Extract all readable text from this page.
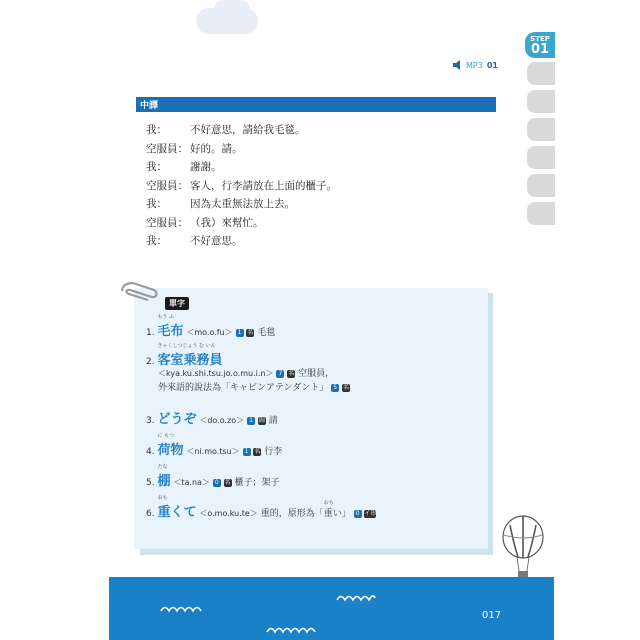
STEP
01
MP3 01
中譯
我：	不好意思，請給我毛毯。
空服員： 好的。請。
我：	謝謝。
空服員： 客人，行李請放在上面的櫃子。
我：	因為太重無法放上去。
空服員： （我）來幫忙。
我：	不好意思。
單字
1.
もう ふ
毛布 ＜mo.o.fu＞ 1 名 毛毯
2.
きゃくしつじょう む いん
客室乗務員
＜kya.ku.shi.tsu.jo.o.mu.i.n＞ 7 名 空服員，
外來語的說法為「キャビンアテンダント」 5 名
3. どうぞ ＜do.o.zo＞ 1 副 請
4.
に もつ
荷物 ＜ni.mo.tsu＞ 1 名 行李
5.
たな
棚 ＜ta.na＞ 0 名 櫃子；架子
6.
おも
重くて ＜o.mo.ku.te＞ 重的，原形為「
おも
重い」 0 イ形
017
